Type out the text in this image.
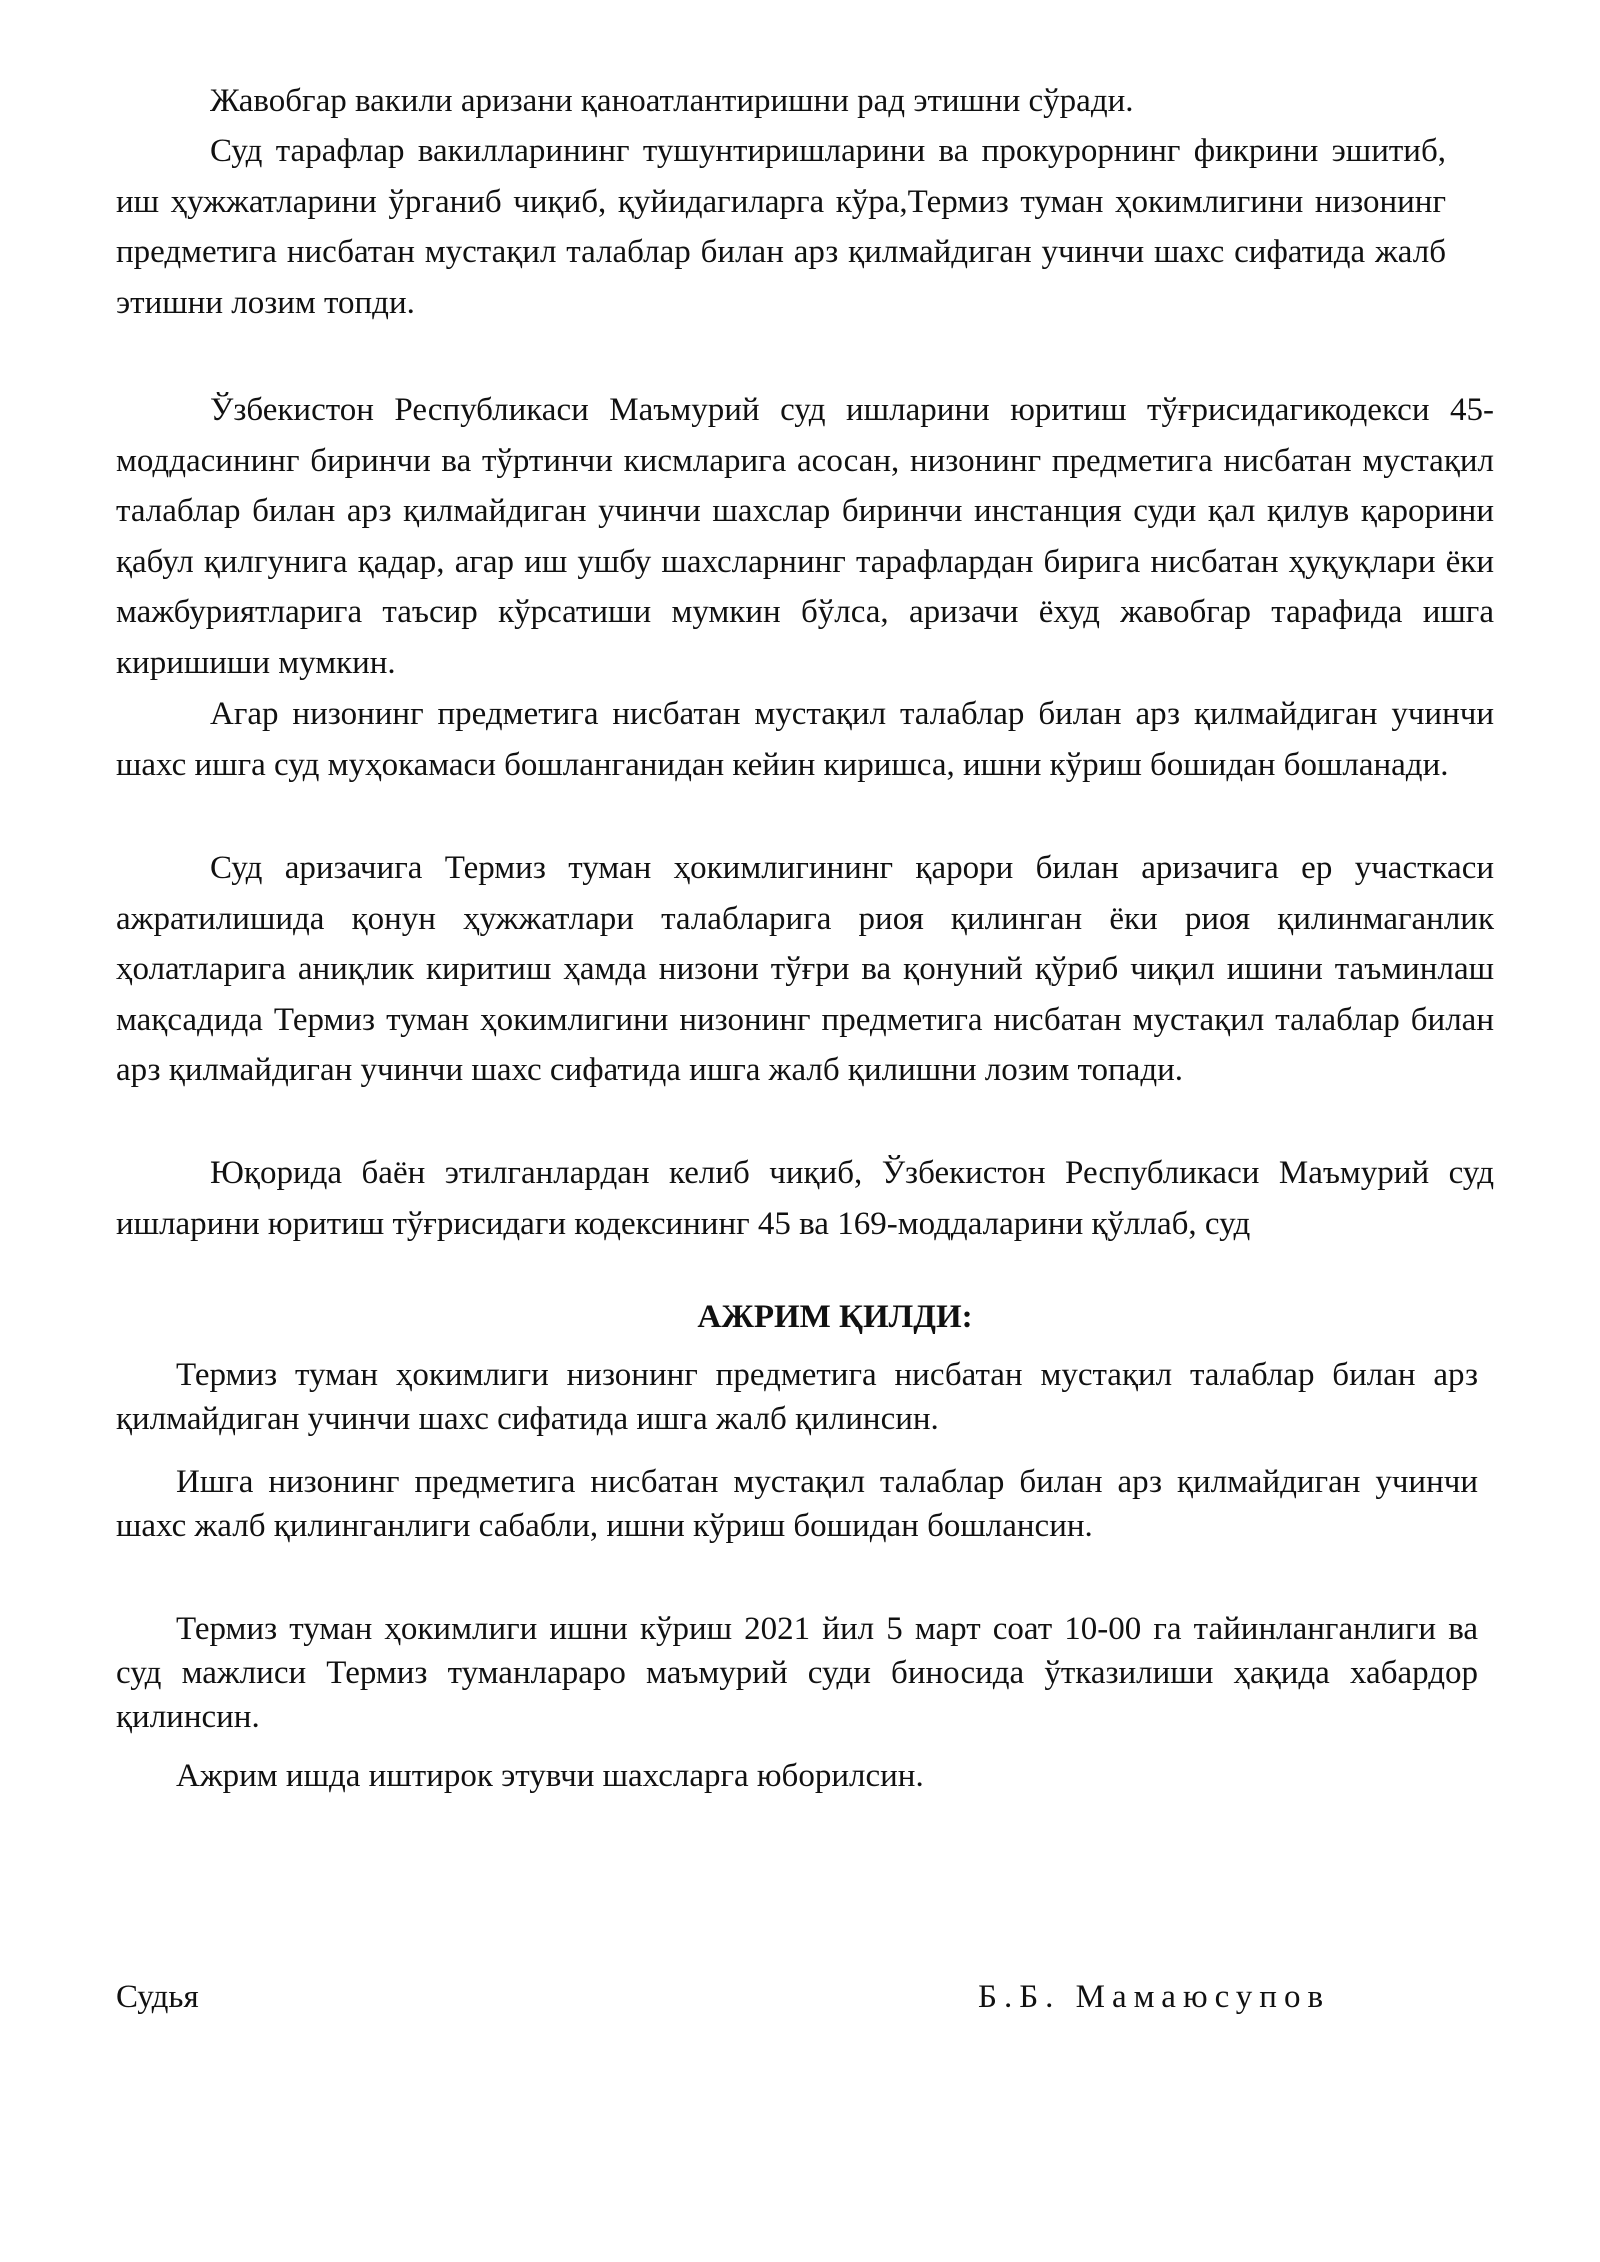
Жавобгар вакили аризани қаноатлантиришни рад этишни сўради.

Суд тарафлар вакилларининг тушунтиришларини ва прокурорнинг фикрини эшитиб, иш ҳужжатларини ўрганиб чиқиб, қуйидагиларга кўра,Термиз туман ҳокимлигини низонинг предметига нисбатан мустақил талаблар билан арз қилмайдиган учинчи шахс сифатида жалб этишни лозим топди.

Ўзбекистон Республикаси Маъмурий суд ишларини юритиш тўғрисидагикодекси 45-моддасининг биринчи ва тўртинчи кисмларига асосан, низонинг предметига нисбатан мустақил талаблар билан арз қилмайдиган учинчи шахслар биринчи инстанция суди қал қилув қарорини қабул қилгунига қадар, агар иш ушбу шахсларнинг тарафлардан бирига нисбатан ҳуқуқлари ёки мажбуриятларига таъсир кўрсатиши мумкин бўлса, аризачи ёхуд жавобгар тарафида ишга киришиши мумкин.

Агар низонинг предметига нисбатан мустақил талаблар билан арз қилмайдиган учинчи шахс ишга суд муҳокамаси бошланганидан кейин киришса, ишни кўриш бошидан бошланади.

Суд аризачига Термиз туман ҳокимлигининг қарори билан аризачига ер участкаси ажратилишида қонун ҳужжатлари талабларига риоя қилинган ёки риоя қилинмаганлик ҳолатларига аниқлик киритиш ҳамда низони тўғри ва қонуний қўриб чиқил ишини таъминлаш мақсадида Термиз туман ҳокимлигини низонинг предметига нисбатан мустақил талаблар билан арз қилмайдиган учинчи шахс сифатида ишга жалб қилишни лозим топади.

Юқорида баён этилганлардан келиб чиқиб, Ўзбекистон Республикаси Маъмурий суд ишларини юритиш тўғрисидаги кодексининг 45 ва 169-моддаларини қўллаб, суд

АЖРИМ ҚИЛДИ:

Термиз туман ҳокимлиги низонинг предметига нисбатан мустақил талаблар билан арз қилмайдиган учинчи шахс сифатида ишга жалб қилинсин.

Ишга низонинг предметига нисбатан мустақил талаблар билан арз қилмайдиган учинчи шахс жалб қилинганлиги сабабли, ишни кўриш бошидан бошлансин.

Термиз туман ҳокимлиги ишни кўриш 2021 йил 5 март соат 10-00 га тайинланганлиги ва суд мажлиси Термиз туманлараро маъмурий суди биносида ўтказилиши ҳақида хабардор қилинсин.

Ажрим ишда иштирок этувчи шахсларга юборилсин.

Судья	Б.Б. Мамаюсупов
